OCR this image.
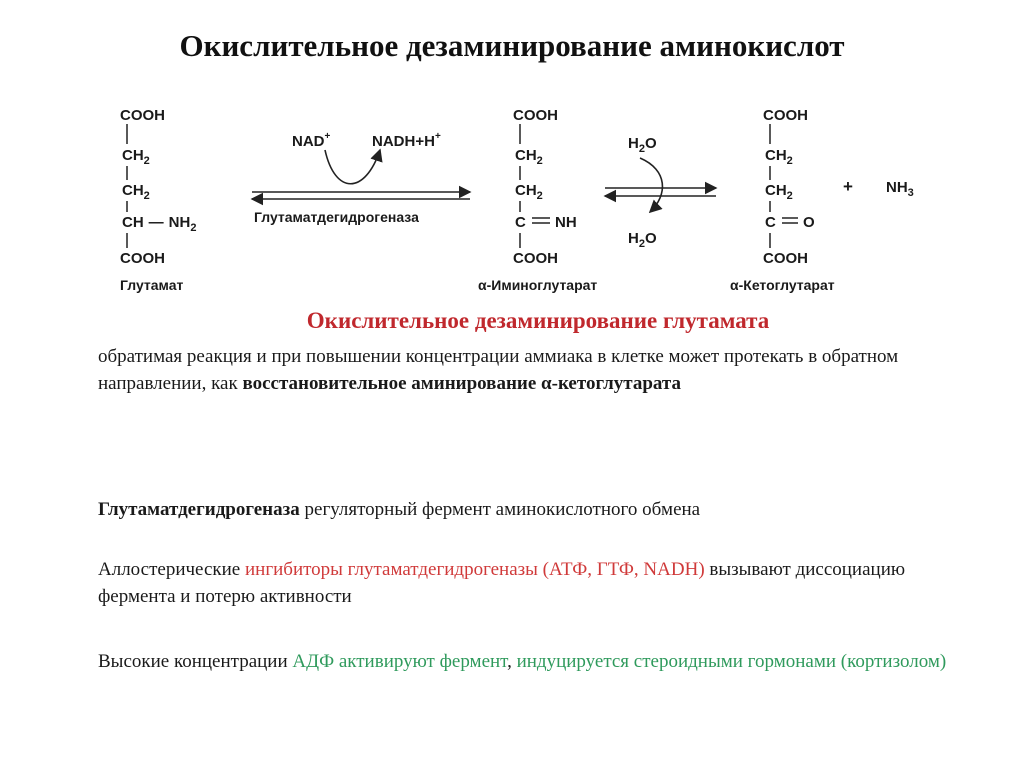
Окислительное дезаминирование аминокислот
COOH
$CH_2$
$CH_2$
CH — $NH_2$
COOH
Глутамат
NAD+	NADH+H+
Глутаматдегидрогеназа
COOH
$CH_2$
$CH_2$
C NH
COOH
α-Иминоглутарат
$H_2O$
$H_2O$
COOH
$CH_2$
$CH_2$
C O
COOH
α-Кетоглутарат
+ $NH_3$
Окислительное дезаминирование глутамата
обратимая реакция и при повышении концентрации аммиака в клетке может протекать в обратном направлении, как восстановительное аминирование α-кетоглутарата
Глутаматдегидрогеназа регуляторный фермент аминокислотного обмена
Аллостерические ингибиторы глутаматдегидрогеназы (АТФ, ГТФ, NADH) вызывают диссоциацию фермента и потерю активности
Высокие концентрации АДФ активируют фермент, индуцируется стероидными гормонами (кортизолом)
